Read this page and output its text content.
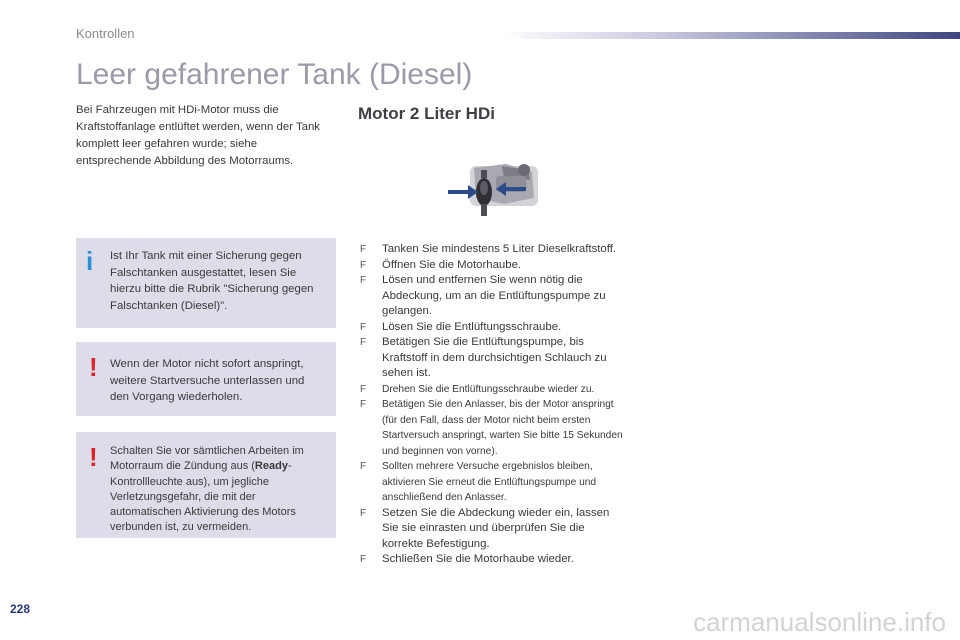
Kontrollen
Leer gefahrener Tank (Diesel)
Bei Fahrzeugen mit HDi-Motor muss die Kraftstoffanlage entlüftet werden, wenn der Tank komplett leer gefahren wurde; siehe entsprechende Abbildung des Motorraums.
i Ist Ihr Tank mit einer Sicherung gegen Falschtanken ausgestattet, lesen Sie hierzu bitte die Rubrik "Sicherung gegen Falschtanken (Diesel)".
! Wenn der Motor nicht sofort anspringt, weitere Startversuche unterlassen und den Vorgang wiederholen.
! Schalten Sie vor sämtlichen Arbeiten im Motorraum die Zündung aus (Ready-Kontrollleuchte aus), um jegliche Verletzungsgefahr, die mit der automatischen Aktivierung des Motors verbunden ist, zu vermeiden.
Motor 2 Liter HDi
F Tanken Sie mindestens 5 Liter Dieselkraftstoff.
F Öffnen Sie die Motorhaube.
F Lösen und entfernen Sie wenn nötig die Abdeckung, um an die Entlüftungspumpe zu gelangen.
F Lösen Sie die Entlüftungsschraube.
F Betätigen Sie die Entlüftungspumpe, bis Kraftstoff in dem durchsichtigen Schlauch zu sehen ist.
F Drehen Sie die Entlüftungsschraube wieder zu.
F Betätigen Sie den Anlasser, bis der Motor anspringt (für den Fall, dass der Motor nicht beim ersten Startversuch anspringt, warten Sie bitte 15 Sekunden und beginnen von vorne).
F Sollten mehrere Versuche ergebnislos bleiben, aktivieren Sie erneut die Entlüftungspumpe und anschließend den Anlasser.
F Setzen Sie die Abdeckung wieder ein, lassen Sie sie einrasten und überprüfen Sie die korrekte Befestigung.
F Schließen Sie die Motorhaube wieder.
228	carmanualsonline.info
